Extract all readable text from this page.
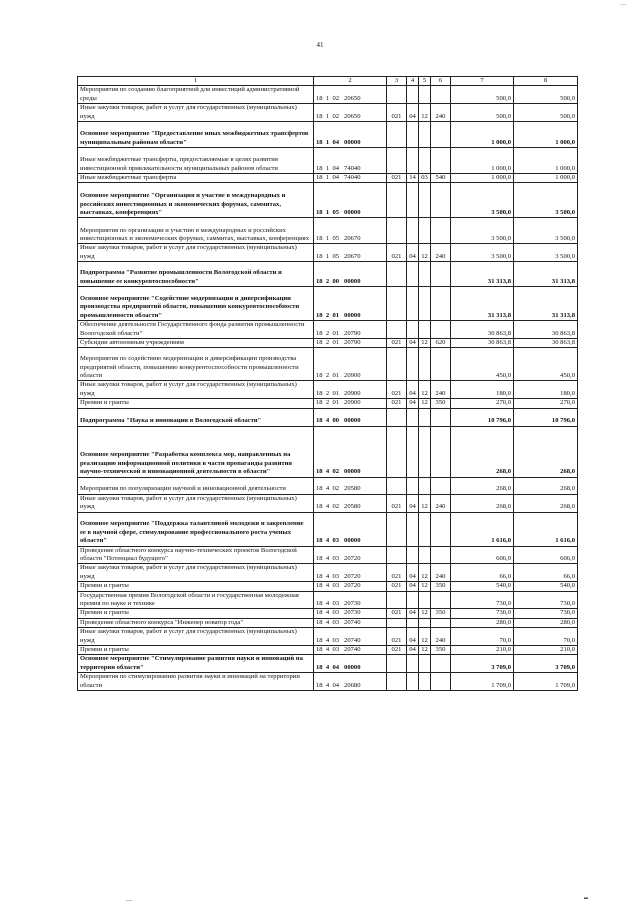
—
41
1	2	3	4	5	6	7	8
Мероприятия по созданию благоприятной для инвестиций административной среды	18  1  02   20650					500,0	500,0
Иные закупки товаров, работ и услуг для государственных (муниципальных) нужд	18  1  02   20650	021	04	12	240	500,0	500,0
Основное мероприятие "Предоставление иных межбюджетных трансфертов муниципальным районам области"	18  1  04   00000					1 000,0	1 000,0
Иные межбюджетные трансферты, предоставляемые в целях развития инвестиционной привлекательности муниципальных районов области	18  1  04   74040					1 000,0	1 000,0
Иные межбюджетные трансферты	18  1  04   74040	021	14	03	540	1 000,0	1 000,0
Основное мероприятие "Организация и участие в международных и российских инвестиционных и экономических форумах, саммитах, выставках, конференциях"	18  1  05   00000					3 500,0	3 500,0
Мероприятия по организации и участию в международных и российских инвестиционных и экономических форумах, саммитах, выставках, конференциях	18  1  05   20670					3 500,0	3 500,0
Иные закупки товаров, работ и услуг для государственных (муниципальных) нужд	18  1  05   20670	021	04	12	240	3 500,0	3 500,0
Подпрограмма "Развитие промышленности Вологодской области и повышение ее конкурентоспособности"	18  2  00   00000					31 313,8	31 313,8
Основное мероприятие "Содействие модернизации и диверсификации производства предприятий области, повышению конкурентоспособности промышленности области"	18  2  01   00000					31 313,8	31 313,8
Обеспечение деятельности Государственного фонда развития промышленности Вологодской области"	18  2  01   20790					30 863,8	30 863,8
Субсидии автономным учреждениям	18  2  01   20790	021	04	12	620	30 863,8	30 863,8
Мероприятия по содействию модернизации и диверсификации производства предприятий области, повышению конкурентоспособности промышленности области	18  2  01   20900					450,0	450,0
Иные закупки товаров, работ и услуг для государственных (муниципальных) нужд	18  2  01   20900	021	04	12	240	180,0	180,0
Премии и гранты	18  2  01   20900	021	04	12	350	270,0	270,0
Подпрограмма "Наука и инновации в Вологодской области"	18  4  00   00000					10 796,0	10 796,0
Основное мероприятие "Разработка комплекса мер, направленных на реализацию информационной политики в части пропаганды развития научно-технической и инновационной деятельности в области"	18  4  02   00000					268,0	268,0
Мероприятия по популяризации научной и инновационной деятельности	18  4  02   20580					268,0	268,0
Иные закупки товаров, работ и услуг для государственных (муниципальных) нужд	18  4  02   20580	021	04	12	240	268,0	268,0
Основное мероприятие "Поддержка талантливой молодежи и закрепление ее в научной сфере, стимулирование профессионального роста ученых области"	18  4  03   00000					1 616,0	1 616,0
Проведение областного конкурса научно-технических проектов Вологодской области "Потенциал будущего"	18  4  03   20720					606,0	606,0
Иные закупки товаров, работ и услуг для государственных (муниципальных) нужд	18  4  03   20720	021	04	12	240	66,0	66,0
Премии и гранты	18  4  03   20720	021	04	12	350	540,0	540,0
Государственная премия Вологодской области и государственная молодежная премия по науке и технике	18  4  03   20730					730,0	730,0
Премии и гранты	18  4  03   20730	021	04	12	350	730,0	730,0
Проведение областного конкурса "Инженер новатор года"	18  4  03   20740					280,0	280,0
Иные закупки товаров, работ и услуг для государственных (муниципальных) нужд	18  4  03   20740	021	04	12	240	70,0	70,0
Премии и гранты	18  4  03   20740	021	04	12	350	210,0	210,0
Основное мероприятие "Стимулирование развития науки и инноваций на территории области"	18  4  04   00000					3 709,0	3 709,0
Мероприятия по стимулированию развития науки и инноваций на территории области	18  4  04   20680					1 709,0	1 709,0
—	▪▪
